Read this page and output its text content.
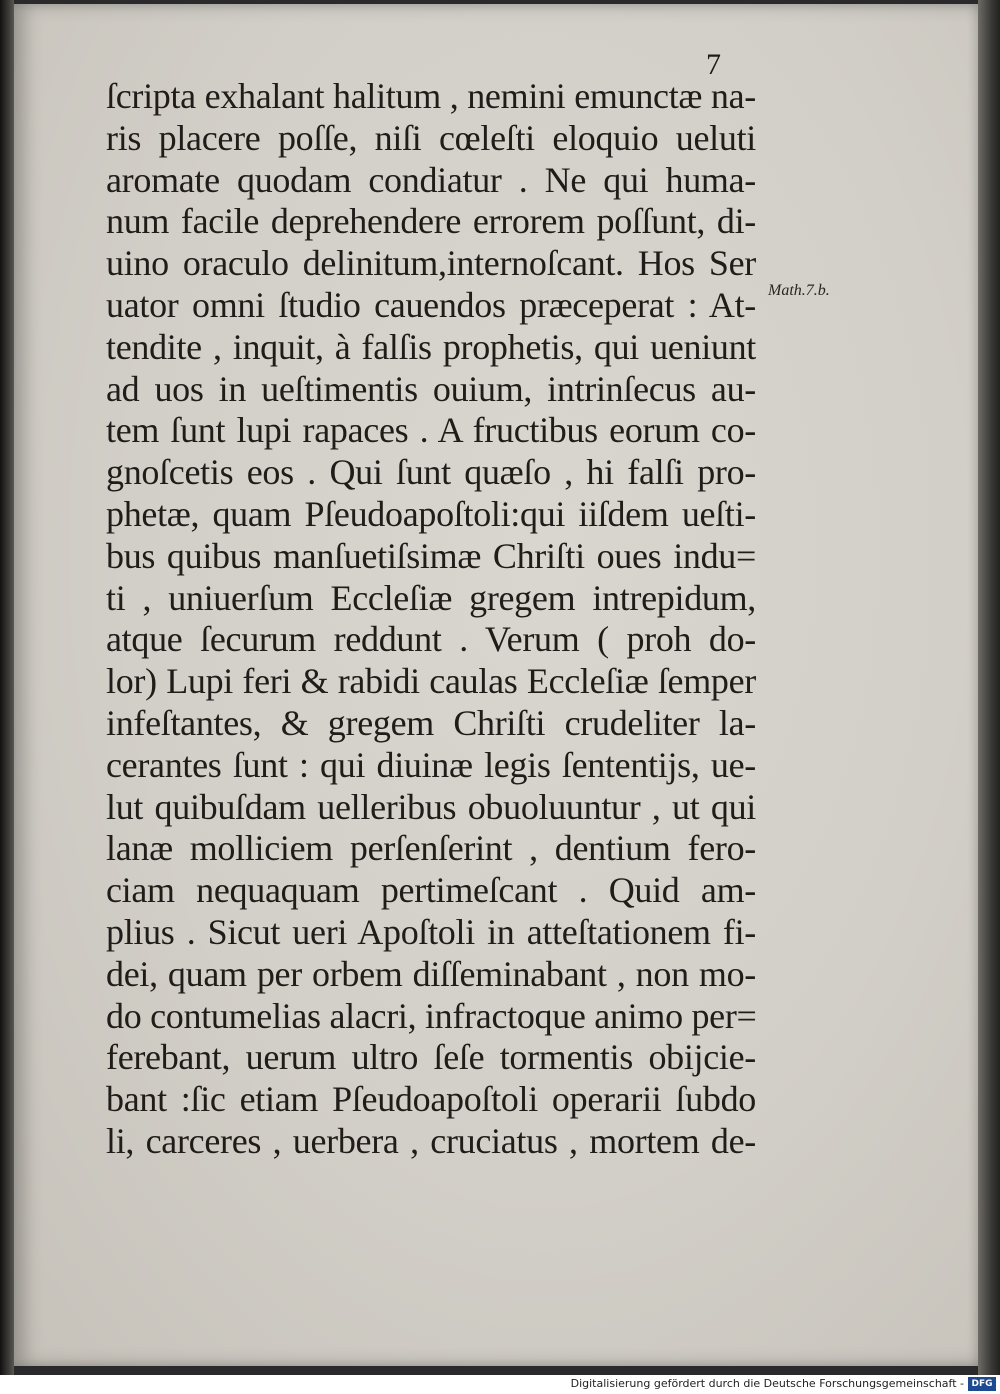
7
ſcripta exhalant halitum , nemini emunctæ na-
ris placere poſſe, niſi cœleſti eloquio ueluti
aromate quodam condiatur . Ne qui huma-
num facile deprehendere errorem poſſunt, di-
uino oraculo delinitum,internoſcant. Hos Ser
uator omni ſtudio cauendos præceperat : At-
tendite , inquit, à falſis prophetis, qui ueniunt
ad uos in ueſtimentis ouium, intrinſecus au-
tem ſunt lupi rapaces . A fructibus eorum co-
gnoſcetis eos . Qui ſunt quæſo , hi falſi pro-
phetæ, quam Pſeudoapoſtoli:qui iiſdem ueſti-
bus quibus manſuetiſsimæ Chriſti oues indu=
ti , uniuerſum Eccleſiæ gregem intrepidum,
atque ſecurum reddunt . Verum ( proh do-
lor) Lupi feri & rabidi caulas Eccleſiæ ſemper
infeſtantes, & gregem Chriſti crudeliter la-
cerantes ſunt : qui diuinæ legis ſententijs, ue-
lut quibuſdam uelleribus obuoluuntur , ut qui
lanæ molliciem perſenſerint , dentium fero-
ciam nequaquam pertimeſcant . Quid am-
plius . Sicut ueri Apoſtoli in atteſtationem fi-
dei, quam per orbem diſſeminabant , non mo-
do contumelias alacri, infractoque animo per=
ferebant, uerum ultro ſeſe tormentis obijcie-
bant :ſic etiam Pſeudoapoſtoli operarii ſubdo
li, carceres , uerbera , cruciatus , mortem de-
Math.7.b.
Digitalisierung gefördert durch die Deutsche Forschungsgemeinschaft - DFG
